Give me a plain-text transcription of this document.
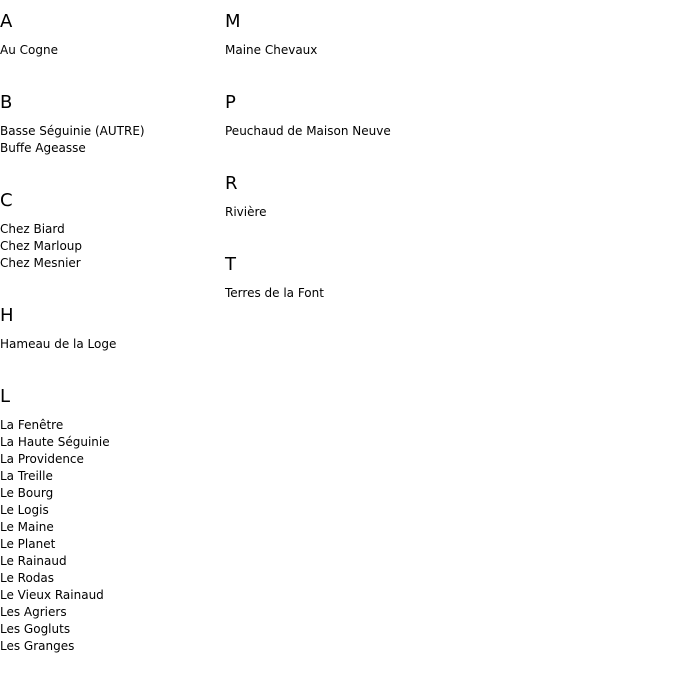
A
Au Cogne
B
Basse Séguinie (AUTRE)
Buffe Ageasse
C
Chez Biard
Chez Marloup
Chez Mesnier
H
Hameau de la Loge
L
La Fenêtre
La Haute Séguinie
La Providence
La Treille
Le Bourg
Le Logis
Le Maine
Le Planet
Le Rainaud
Le Rodas
Le Vieux Rainaud
Les Agriers
Les Gogluts
Les Granges
M
Maine Chevaux
P
Peuchaud de Maison Neuve
R
Rivière
T
Terres de la Font
